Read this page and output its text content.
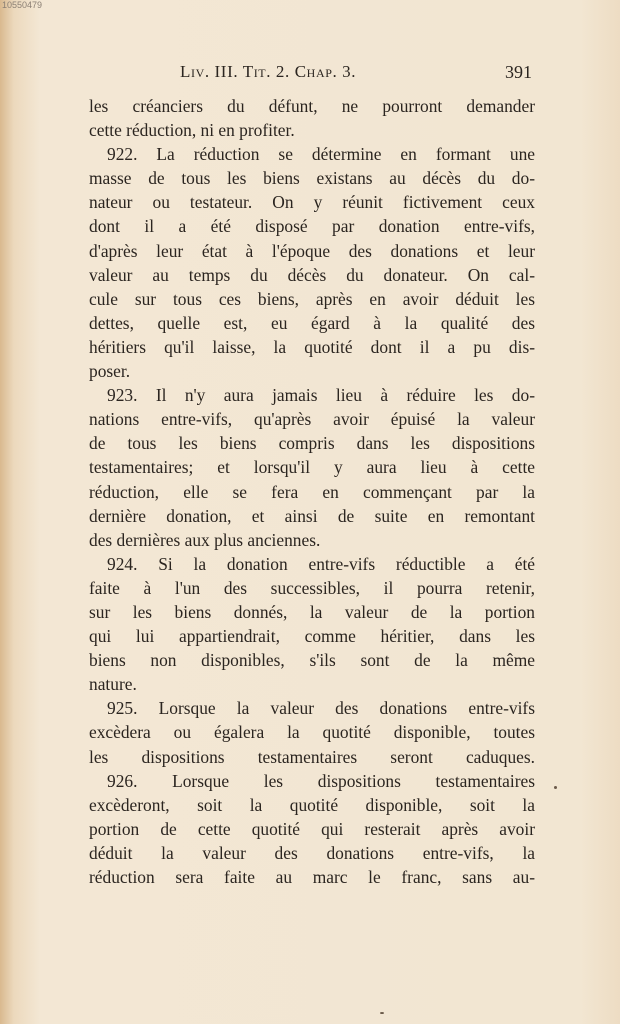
10550479
Liv. III. Tit. 2. Chap. 3.	391
les créanciers du défunt, ne pourront demander
cette réduction, ni en profiter.
922. La réduction se détermine en formant une
masse de tous les biens existans au décès du do-
nateur ou testateur. On y réunit fictivement ceux
dont il a été disposé par donation entre-vifs,
d'après leur état à l'époque des donations et leur
valeur au temps du décès du donateur. On cal-
cule sur tous ces biens, après en avoir déduit les
dettes, quelle est, eu égard à la qualité des
héritiers qu'il laisse, la quotité dont il a pu dis-
poser.
923. Il n'y aura jamais lieu à réduire les do-
nations entre-vifs, qu'après avoir épuisé la valeur
de tous les biens compris dans les dispositions
testamentaires; et lorsqu'il y aura lieu à cette
réduction, elle se fera en commençant par la
dernière donation, et ainsi de suite en remontant
des dernières aux plus anciennes.
924. Si la donation entre-vifs réductible a été
faite à l'un des successibles, il pourra retenir,
sur les biens donnés, la valeur de la portion
qui lui appartiendrait, comme héritier, dans les
biens non disponibles, s'ils sont de la même
nature.
925. Lorsque la valeur des donations entre-vifs
excèdera ou égalera la quotité disponible, toutes
les dispositions testamentaires seront caduques.
926. Lorsque les dispositions testamentaires
excèderont, soit la quotité disponible, soit la
portion de cette quotité qui resterait après avoir
déduit la valeur des donations entre-vifs, la
réduction sera faite au marc le franc, sans au-
